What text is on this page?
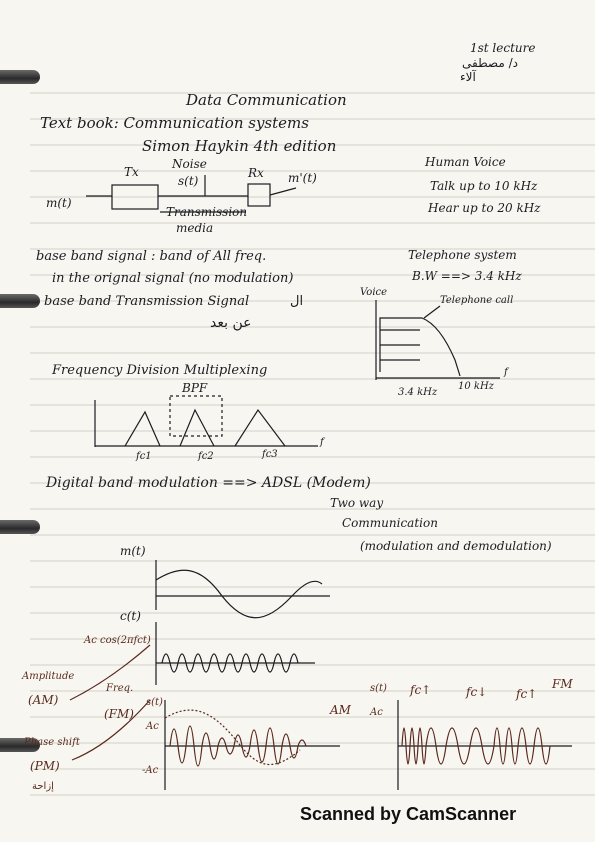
1st lecture
د/ مصطفى
آلاء
Data Communication
Text book: Communication systems
Simon Haykin 4th edition
Noise
Tx
s(t)
Rx m'(t)
m(t)
Transmission
media
Human Voice
Talk up to 10 kHz
Hear up to 20 kHz
base band signal : band of All freq.
in the orignal signal (no modulation)
base band Transmission Signal	ال
عن بعد
Telephone system
B.W ==> 3.4 kHz
Voice
Telephone call
f
3.4 kHz
10 kHz
Frequency Division Multiplexing
BPF
fc1	fc2	fc3
f
Digital band modulation ==> ADSL (Modem)
Two way
Communication
(modulation and demodulation)
m(t)
c(t)
Ac cos(2πfct)
Amplitude
(AM)
Freq.
(FM)
s(t)
Ac
Phase shift
(PM)	-Ac
إزاحة
AM
s(t)
Ac
fc↑	fc↓ fc↑
FM
Scanned by CamScanner
